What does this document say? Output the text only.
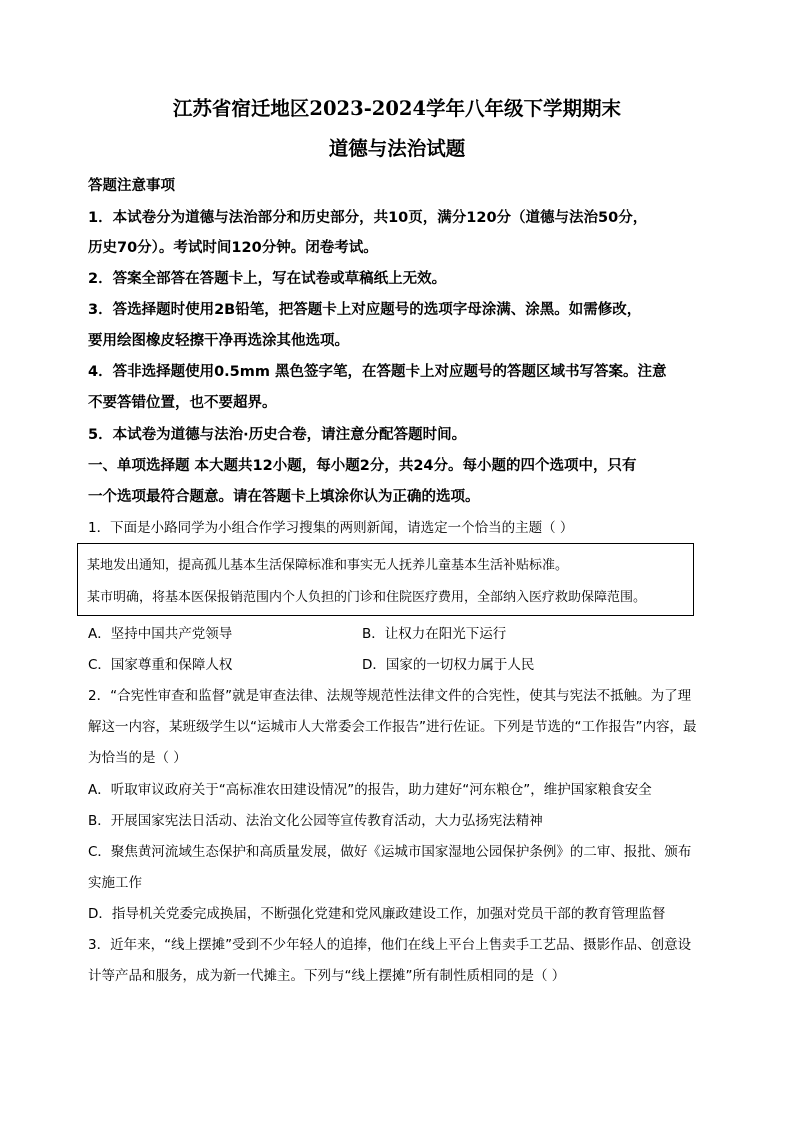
江苏省宿迁地区2023-2024学年八年级下学期期末
道德与法治试题
答题注意事项
1．本试卷分为道德与法治部分和历史部分，共10页，满分120分（道德与法治50分，
历史70分）。考试时间120分钟。闭卷考试。
2．答案全部答在答题卡上，写在试卷或草稿纸上无效。
3．答选择题时使用2B铅笔，把答题卡上对应题号的选项字母涂满、涂黑。如需修改，
要用绘图橡皮轻擦干净再选涂其他选项。
4．答非选择题使用0.5mm 黑色签字笔，在答题卡上对应题号的答题区域书写答案。注意
不要答错位置，也不要超界。
5．本试卷为道德与法治·历史合卷，请注意分配答题时间。
一、单项选择题 本大题共12小题，每小题2分，共24分。每小题的四个选项中，只有
一个选项最符合题意。请在答题卡上填涂你认为正确的选项。
1．下面是小路同学为小组合作学习搜集的两则新闻，请选定一个恰当的主题（ ）
某地发出通知，提高孤儿基本生活保障标准和事实无人抚养儿童基本生活补贴标准。
某市明确，将基本医保报销范围内个人负担的门诊和住院医疗费用，全部纳入医疗救助保障范围。
A．坚持中国共产党领导	B．让权力在阳光下运行
C．国家尊重和保障人权	D．国家的一切权力属于人民
2．“合宪性审查和监督”就是审查法律、法规等规范性法律文件的合宪性，使其与宪法不抵触。为了理
解这一内容，某班级学生以“运城市人大常委会工作报告”进行佐证。下列是节选的“工作报告”内容，最
为恰当的是（ ）
A．听取审议政府关于“高标准农田建设情况”的报告，助力建好“河东粮仓”，维护国家粮食安全
B．开展国家宪法日活动、法治文化公园等宣传教育活动，大力弘扬宪法精神
C．聚焦黄河流域生态保护和高质量发展，做好《运城市国家湿地公园保护条例》的二审、报批、颁布
实施工作
D．指导机关党委完成换届，不断强化党建和党风廉政建设工作，加强对党员干部的教育管理监督
3．近年来，“线上摆摊”受到不少年轻人的追捧，他们在线上平台上售卖手工艺品、摄影作品、创意设
计等产品和服务，成为新一代摊主。下列与“线上摆摊”所有制性质相同的是（ ）
